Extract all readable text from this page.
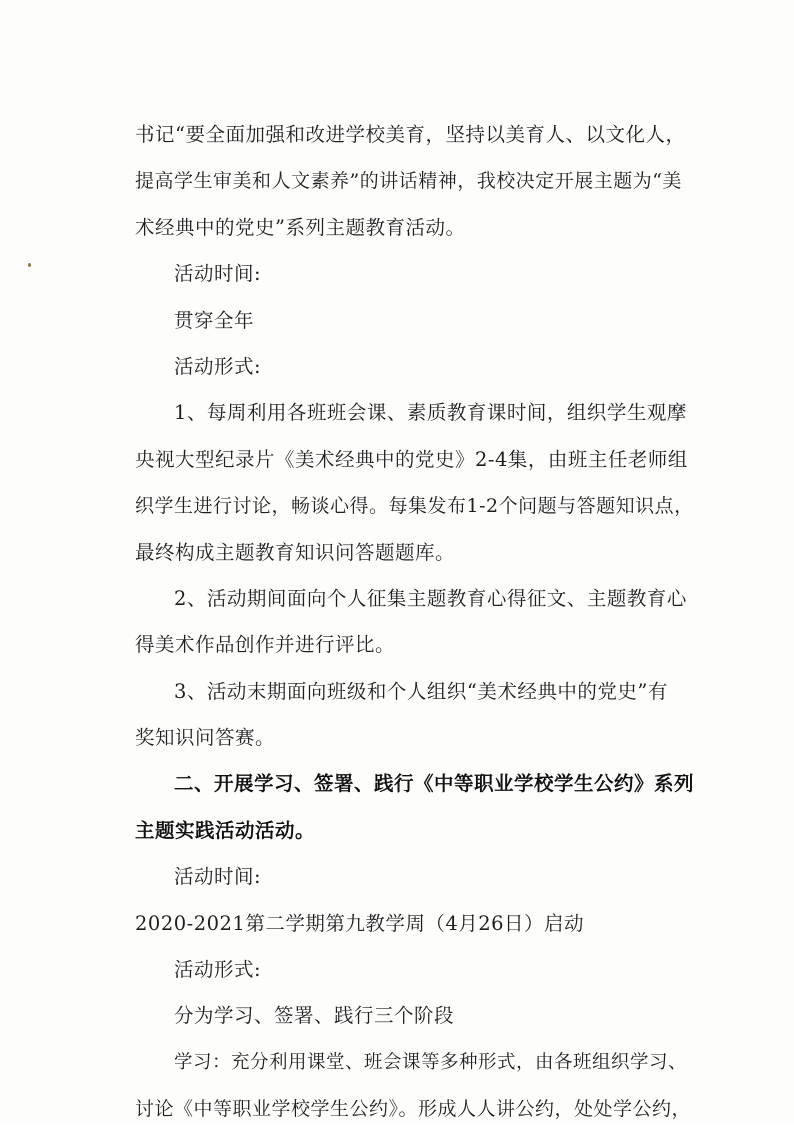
书记“要全面加强和改进学校美育，坚持以美育人、以文化人，
提高学生审美和人文素养”的讲话精神，我校决定开展主题为“美
术经典中的党史”系列主题教育活动。
活动时间:
贯穿全年
活动形式:
1、每周利用各班班会课、素质教育课时间，组织学生观摩
央视大型纪录片《美术经典中的党史》2-4集，由班主任老师组
织学生进行讨论，畅谈心得。每集发布1-2个问题与答题知识点，
最终构成主题教育知识问答题题库。
2、活动期间面向个人征集主题教育心得征文、主题教育心
得美术作品创作并进行评比。
3、活动末期面向班级和个人组织“美术经典中的党史”有
奖知识问答赛。
二、开展学习、签署、践行《中等职业学校学生公约》系列
主题实践活动活动。
活动时间:
2020-2021第二学期第九教学周（4月26日）启动
活动形式:
分为学习、签署、践行三个阶段
学习：充分利用课堂、班会课等多种形式，由各班组织学习、
讨论《中等职业学校学生公约》。形成人人讲公约，处处学公约，
